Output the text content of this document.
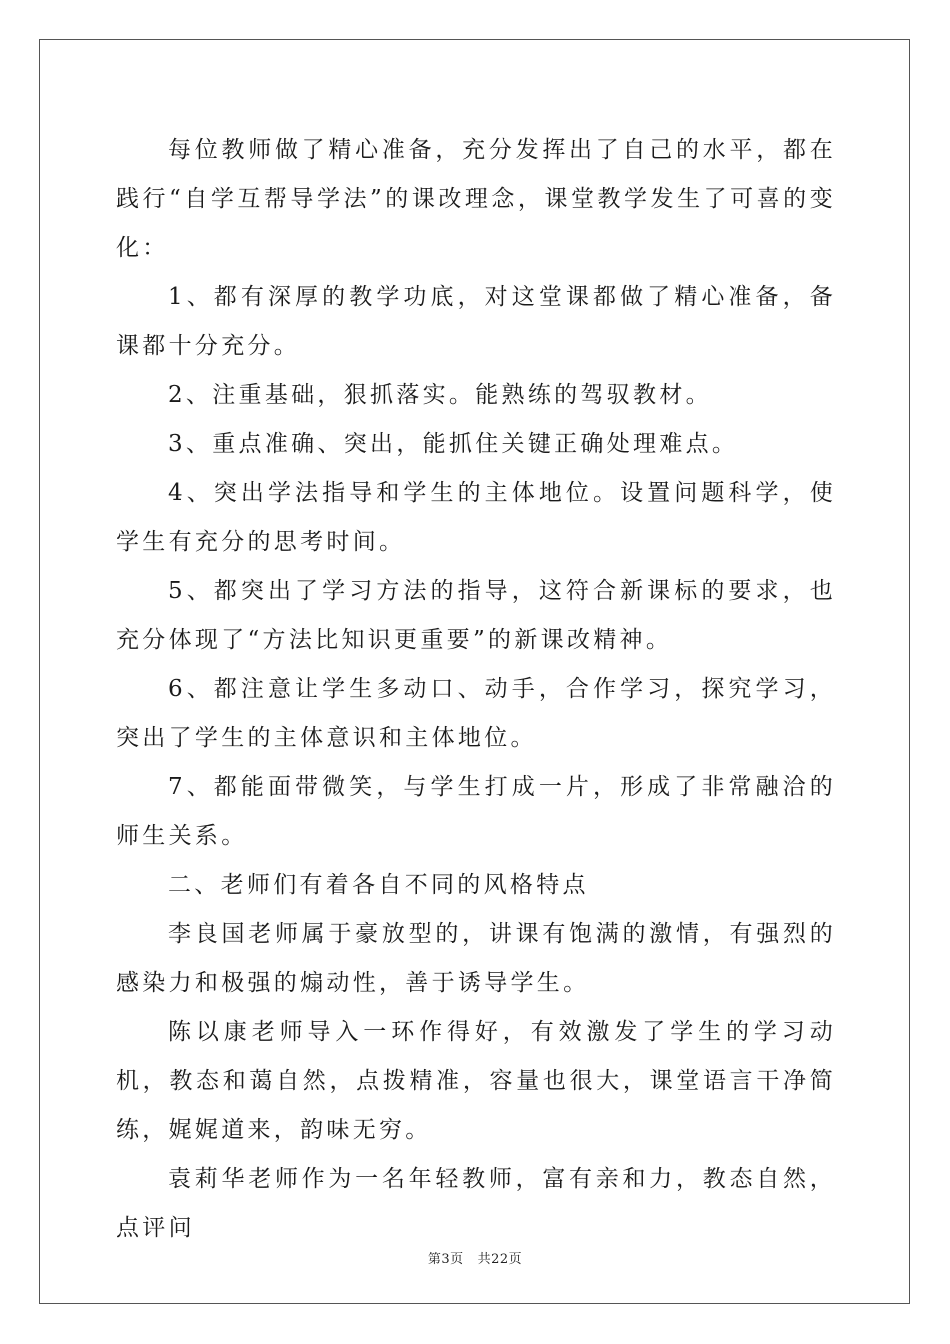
每位教师做了精心准备，充分发挥出了自己的水平，都在践行“自学互帮导学法”的课改理念，课堂教学发生了可喜的变化：

1、都有深厚的教学功底，对这堂课都做了精心准备，备课都十分充分。

2、注重基础，狠抓落实。能熟练的驾驭教材。

3、重点准确、突出，能抓住关键正确处理难点。

4、突出学法指导和学生的主体地位。设置问题科学，使学生有充分的思考时间。

5、都突出了学习方法的指导，这符合新课标的要求，也充分体现了“方法比知识更重要”的新课改精神。

6、都注意让学生多动口、动手，合作学习，探究学习，突出了学生的主体意识和主体地位。

7、都能面带微笑，与学生打成一片，形成了非常融洽的师生关系。

二、老师们有着各自不同的风格特点

李良国老师属于豪放型的，讲课有饱满的激情，有强烈的感染力和极强的煽动性，善于诱导学生。

陈以康老师导入一环作得好，有效激发了学生的学习动机，教态和蔼自然，点拨精准，容量也很大，课堂语言干净简练，娓娓道来，韵味无穷。

袁莉华老师作为一名年轻教师，富有亲和力，教态自然，点评问

第3页 共22页
